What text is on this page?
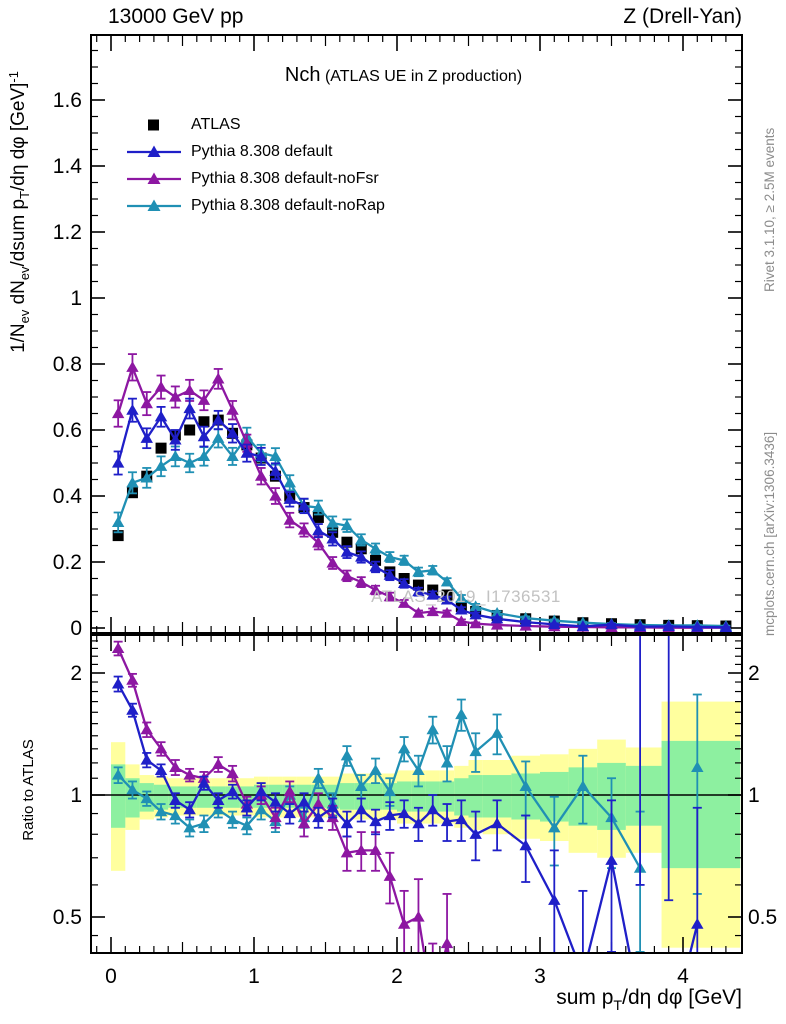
13000 GeV pp	Z (Drell-Yan)
0	1	2	3	4
0
0.2
0.4
0.6
0.8
1
1.2
1.4
1.6
0.5	0.5
1	1
2	2
Nch (ATLAS UE in Z production)
ATLAS
Pythia 8.308 default
Pythia 8.308 default-noFsr
Pythia 8.308 default-noRap
ATLAS_2019_I1736531
$1/N_{ev}$ $dN_{ev}$/dsum $p_T/d\eta$ dφ [GeV]$^{-1}$
Ratio to ATLAS
Rivet 3.1.10, ≥ 2.5M events
mcplots.cern.ch [arXiv:1306.3436]
sum $p_T/d\eta$ dφ [GeV]
